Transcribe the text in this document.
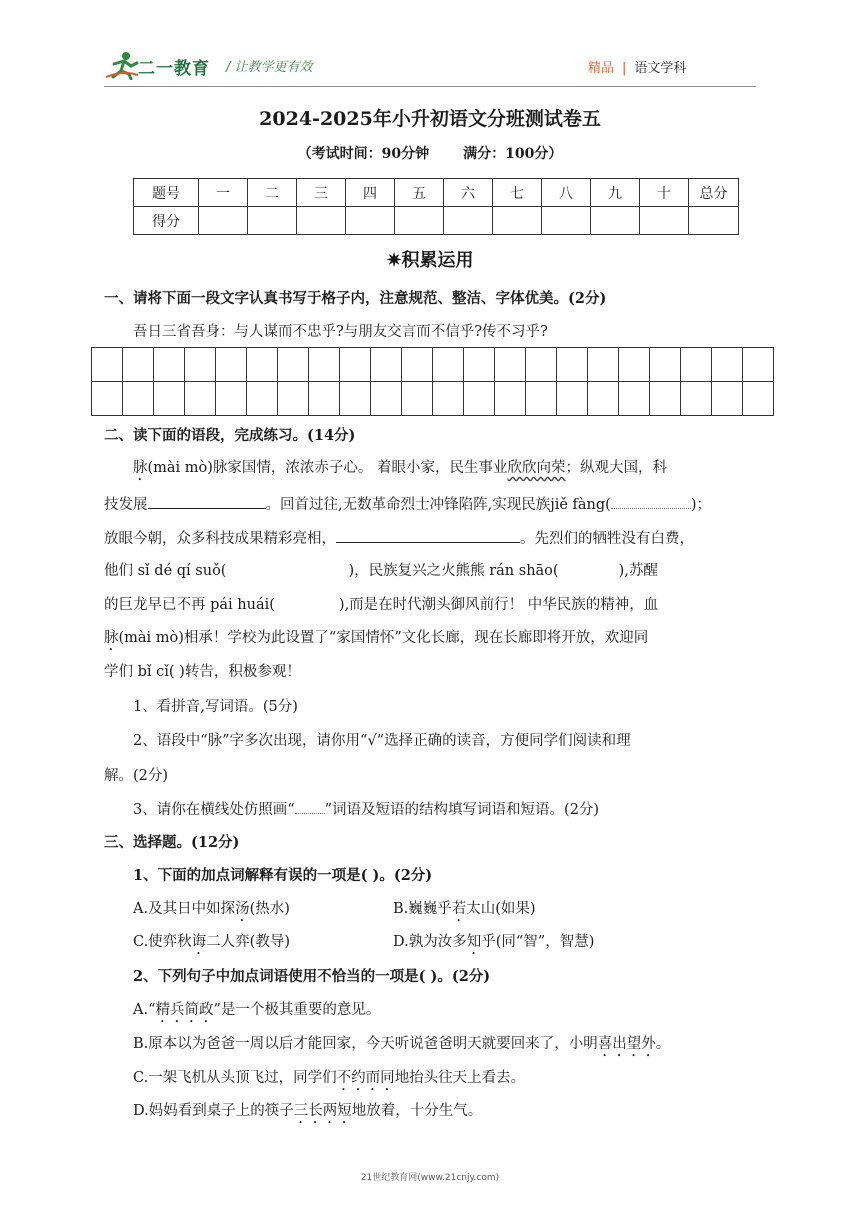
二一教育 / 让教学更有效	精品 | 语文学科
2024-2025年小升初语文分班测试卷五
（考试时间：90分钟 满分：100分）
题号	一	二	三	四	五	六	七	八	九	十	总分
得分											
✷积累运用
一、请将下面一段文字认真书写于格子内，注意规范、整洁、字体优美。(2分)
吾日三省吾身：与人谋而不忠乎?与朋友交言而不信乎?传不习乎?

二、读下面的语段，完成练习。(14分)
脉(mài mò)脉家国情，浓浓赤子心。 着眼小家，民生事业欣欣向荣；纵观大国，科
技发展	。回首过往,无数革命烈士冲锋陷阵,实现民族jiě fàng(	)；
放眼今朝，众多科技成果精彩亮相，	。先烈们的牺牲没有白费，
他们 sǐ dé qí suǒ(	)，民族复兴之火熊熊 rán shāo(	),苏醒
的巨龙早已不再 pái huái(	),而是在时代潮头御风前行！ 中华民族的精神，血
脉(mài mò)相承！学校为此设置了“家国情怀”文化长廊，现在长廊即将开放，欢迎同
学们 bǐ cǐ( )转告，积极参观！
1、看拼音,写词语。(5分)
2、语段中“脉”字多次出现，请你用“√”选择正确的读音，方便同学们阅读和理
解。(2分)
3、请你在横线处仿照画“ ”词语及短语的结构填写词语和短语。(2分)
三、选择题。(12分)
1、下面的加点词解释有误的一项是( )。(2分)
A.及其日中如探汤(热水)	B.巍巍乎若太山(如果)
C.使弈秋诲二人弈(教导)	D.孰为汝多知乎(同“智”，智慧)
2、下列句子中加点词语使用不恰当的一项是( )。(2分)
A.“精兵简政”是一个极其重要的意见。
B.原本以为爸爸一周以后才能回家，今天听说爸爸明天就要回来了，小明喜出望外。
C.一架飞机从头顶飞过，同学们不约而同地抬头往天上看去。
D.妈妈看到桌子上的筷子三长两短地放着，十分生气。
21世纪教育网(www.21cnjy.com)
